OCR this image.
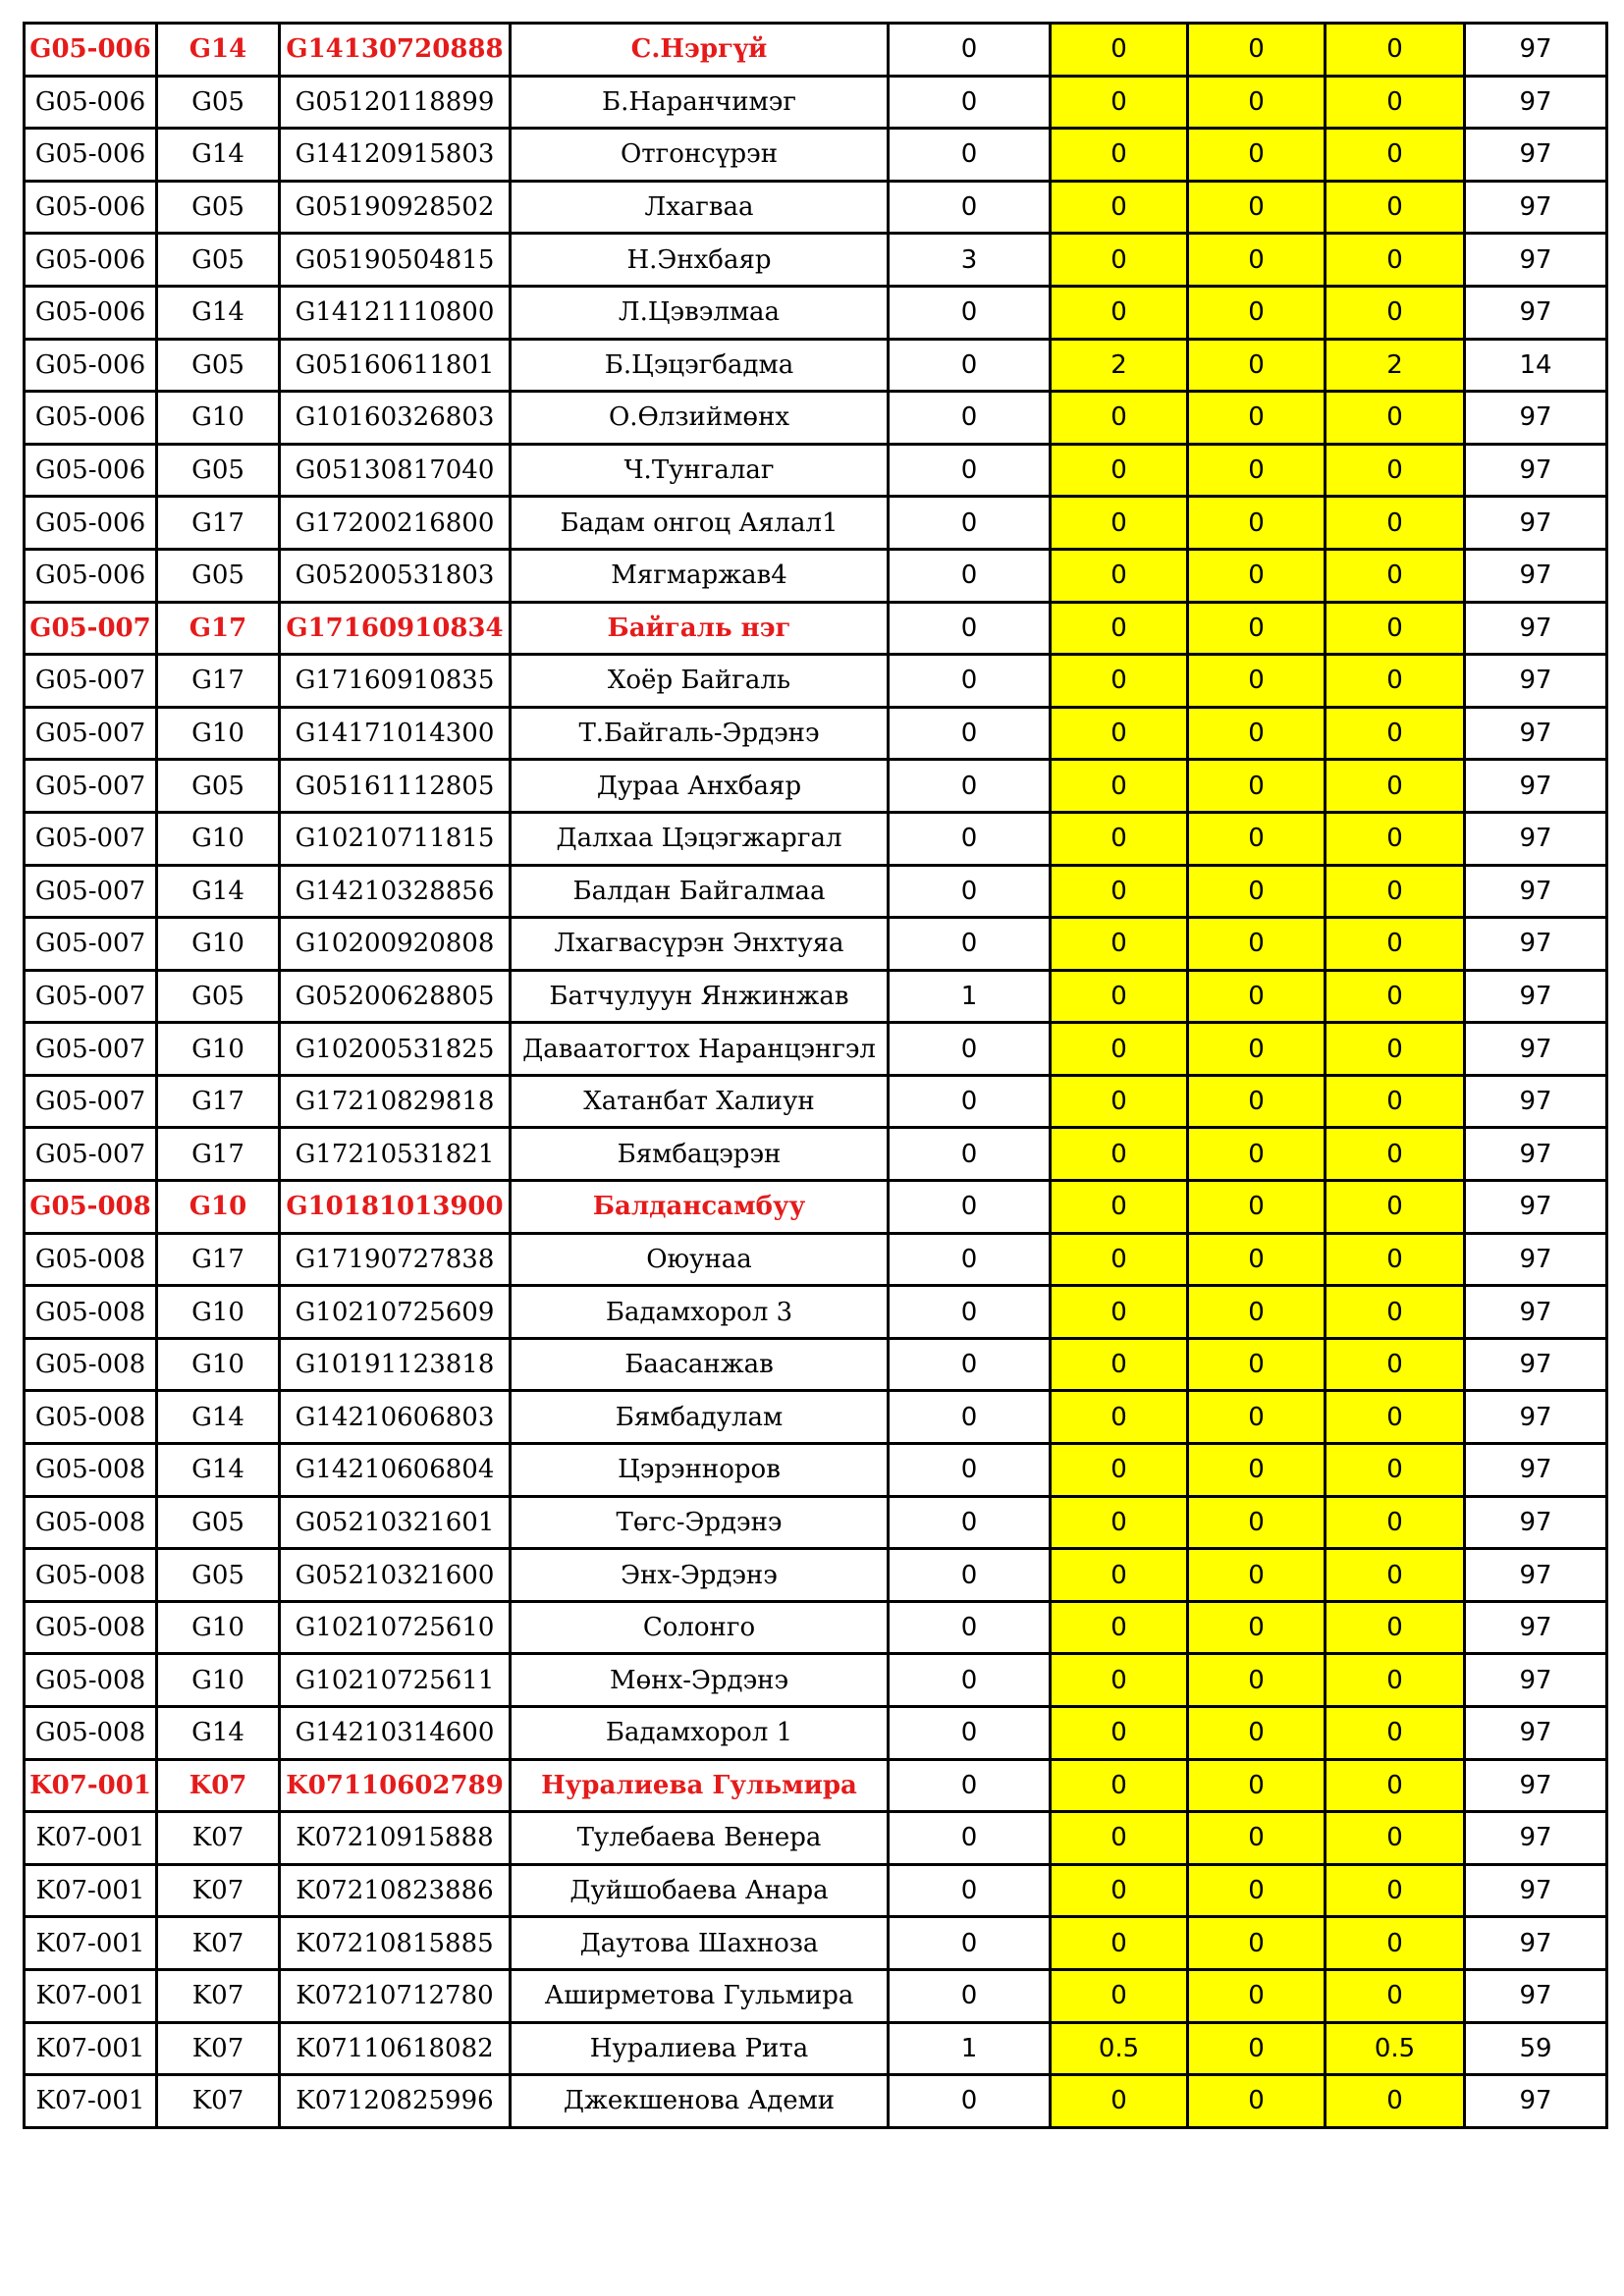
G05-006	G14	G14130720888	С.Нэргүй	0	0	0	0	97
G05-006	G05	G05120118899	Б.Наранчимэг	0	0	0	0	97
G05-006	G14	G14120915803	Отгонсүрэн	0	0	0	0	97
G05-006	G05	G05190928502	Лхагваа	0	0	0	0	97
G05-006	G05	G05190504815	Н.Энхбаяр	3	0	0	0	97
G05-006	G14	G14121110800	Л.Цэвэлмаа	0	0	0	0	97
G05-006	G05	G05160611801	Б.Цэцэгбадма	0	2	0	2	14
G05-006	G10	G10160326803	О.Өлзиймөнх	0	0	0	0	97
G05-006	G05	G05130817040	Ч.Тунгалаг	0	0	0	0	97
G05-006	G17	G17200216800	Бадам онгоц Аялал1	0	0	0	0	97
G05-006	G05	G05200531803	Мягмаржав4	0	0	0	0	97
G05-007	G17	G17160910834	Байгаль нэг	0	0	0	0	97
G05-007	G17	G17160910835	Хоёр Байгаль	0	0	0	0	97
G05-007	G10	G14171014300	Т.Байгаль-Эрдэнэ	0	0	0	0	97
G05-007	G05	G05161112805	Дураа Анхбаяр	0	0	0	0	97
G05-007	G10	G10210711815	Далхаа Цэцэгжаргал	0	0	0	0	97
G05-007	G14	G14210328856	Балдан Байгалмаа	0	0	0	0	97
G05-007	G10	G10200920808	Лхагвасүрэн Энхтуяа	0	0	0	0	97
G05-007	G05	G05200628805	Батчулуун Янжинжав	1	0	0	0	97
G05-007	G10	G10200531825	Даваатогтох Наранцэнгэл	0	0	0	0	97
G05-007	G17	G17210829818	Хатанбат Халиун	0	0	0	0	97
G05-007	G17	G17210531821	Бямбацэрэн	0	0	0	0	97
G05-008	G10	G10181013900	Балдансамбуу	0	0	0	0	97
G05-008	G17	G17190727838	Оюунаа	0	0	0	0	97
G05-008	G10	G10210725609	Бадамхорол 3	0	0	0	0	97
G05-008	G10	G10191123818	Баасанжав	0	0	0	0	97
G05-008	G14	G14210606803	Бямбадулам	0	0	0	0	97
G05-008	G14	G14210606804	Цэрэнноров	0	0	0	0	97
G05-008	G05	G05210321601	Төгс-Эрдэнэ	0	0	0	0	97
G05-008	G05	G05210321600	Энх-Эрдэнэ	0	0	0	0	97
G05-008	G10	G10210725610	Солонго	0	0	0	0	97
G05-008	G10	G10210725611	Мөнх-Эрдэнэ	0	0	0	0	97
G05-008	G14	G14210314600	Бадамхорол 1	0	0	0	0	97
K07-001	K07	K07110602789	Нуралиева Гульмира	0	0	0	0	97
K07-001	K07	K07210915888	Тулебаева Венера	0	0	0	0	97
K07-001	K07	K07210823886	Дуйшобаева Анара	0	0	0	0	97
K07-001	K07	K07210815885	Даутова Шахноза	0	0	0	0	97
K07-001	K07	K07210712780	Аширметова Гульмира	0	0	0	0	97
K07-001	K07	K07110618082	Нуралиева Рита	1	0.5	0	0.5	59
K07-001	K07	K07120825996	Джекшенова Адеми	0	0	0	0	97
